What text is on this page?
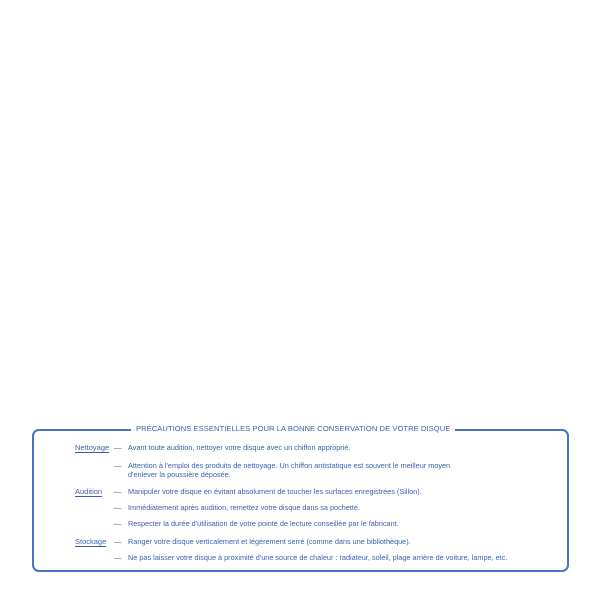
PRÉCAUTIONS ESSENTIELLES POUR LA BONNE CONSERVATION DE VOTRE DISQUE
Nettoyage — Avant toute audition, nettoyer votre disque avec un chiffon approprié.
— Attention à l'emploi des produits de nettoyage. Un chiffon antistatique est souvent le meilleur moyen
d'enlever la poussière déposée.
Audition — Manipuler votre disque en évitant absolument de toucher les surfaces enregistrées (Sillon).
— Immédiatement après audition, remettez votre disque dans sa pochette.
— Respecter la durée d'utilisation de votre pointe de lecture conseillée par le fabricant.
Stockage — Ranger votre disque verticalement et légèrement serré (comme dans une bibliothèque).
— Ne pas laisser votre disque à proximité d'une source de chaleur : radiateur, soleil, plage arrière de voiture, lampe, etc.
